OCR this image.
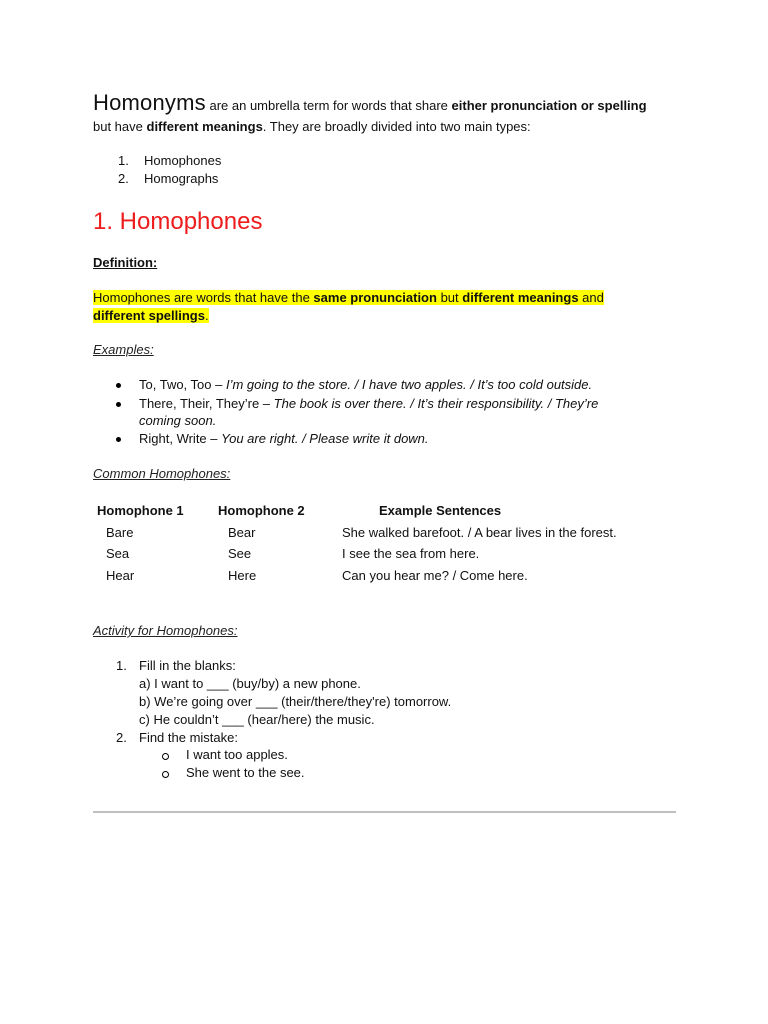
Homonyms are an umbrella term for words that share either pronunciation or spelling
but have different meanings. They are broadly divided into two main types:
1. Homophones
2. Homographs
1. Homophones
Definition:
Homophones are words that have the same pronunciation but different meanings and
different spellings.
Examples:
To, Two, Too – I’m going to the store. / I have two apples. / It’s too cold outside.
There, Their, They’re – The book is over there. / It’s their responsibility. / They’re
coming soon.
Right, Write – You are right. / Please write it down.
Common Homophones:
Homophone 1	Homophone 2	Example Sentences
Bare	Bear	She walked barefoot. / A bear lives in the forest.
Sea	See	I see the sea from here.
Hear	Here	Can you hear me? / Come here.
Activity for Homophones:
1. Fill in the blanks:
a) I want to ___ (buy/by) a new phone.
b) We’re going over ___ (their/there/they're) tomorrow.
c) He couldn’t ___ (hear/here) the music.
2. Find the mistake:
I want too apples.
She went to the see.
